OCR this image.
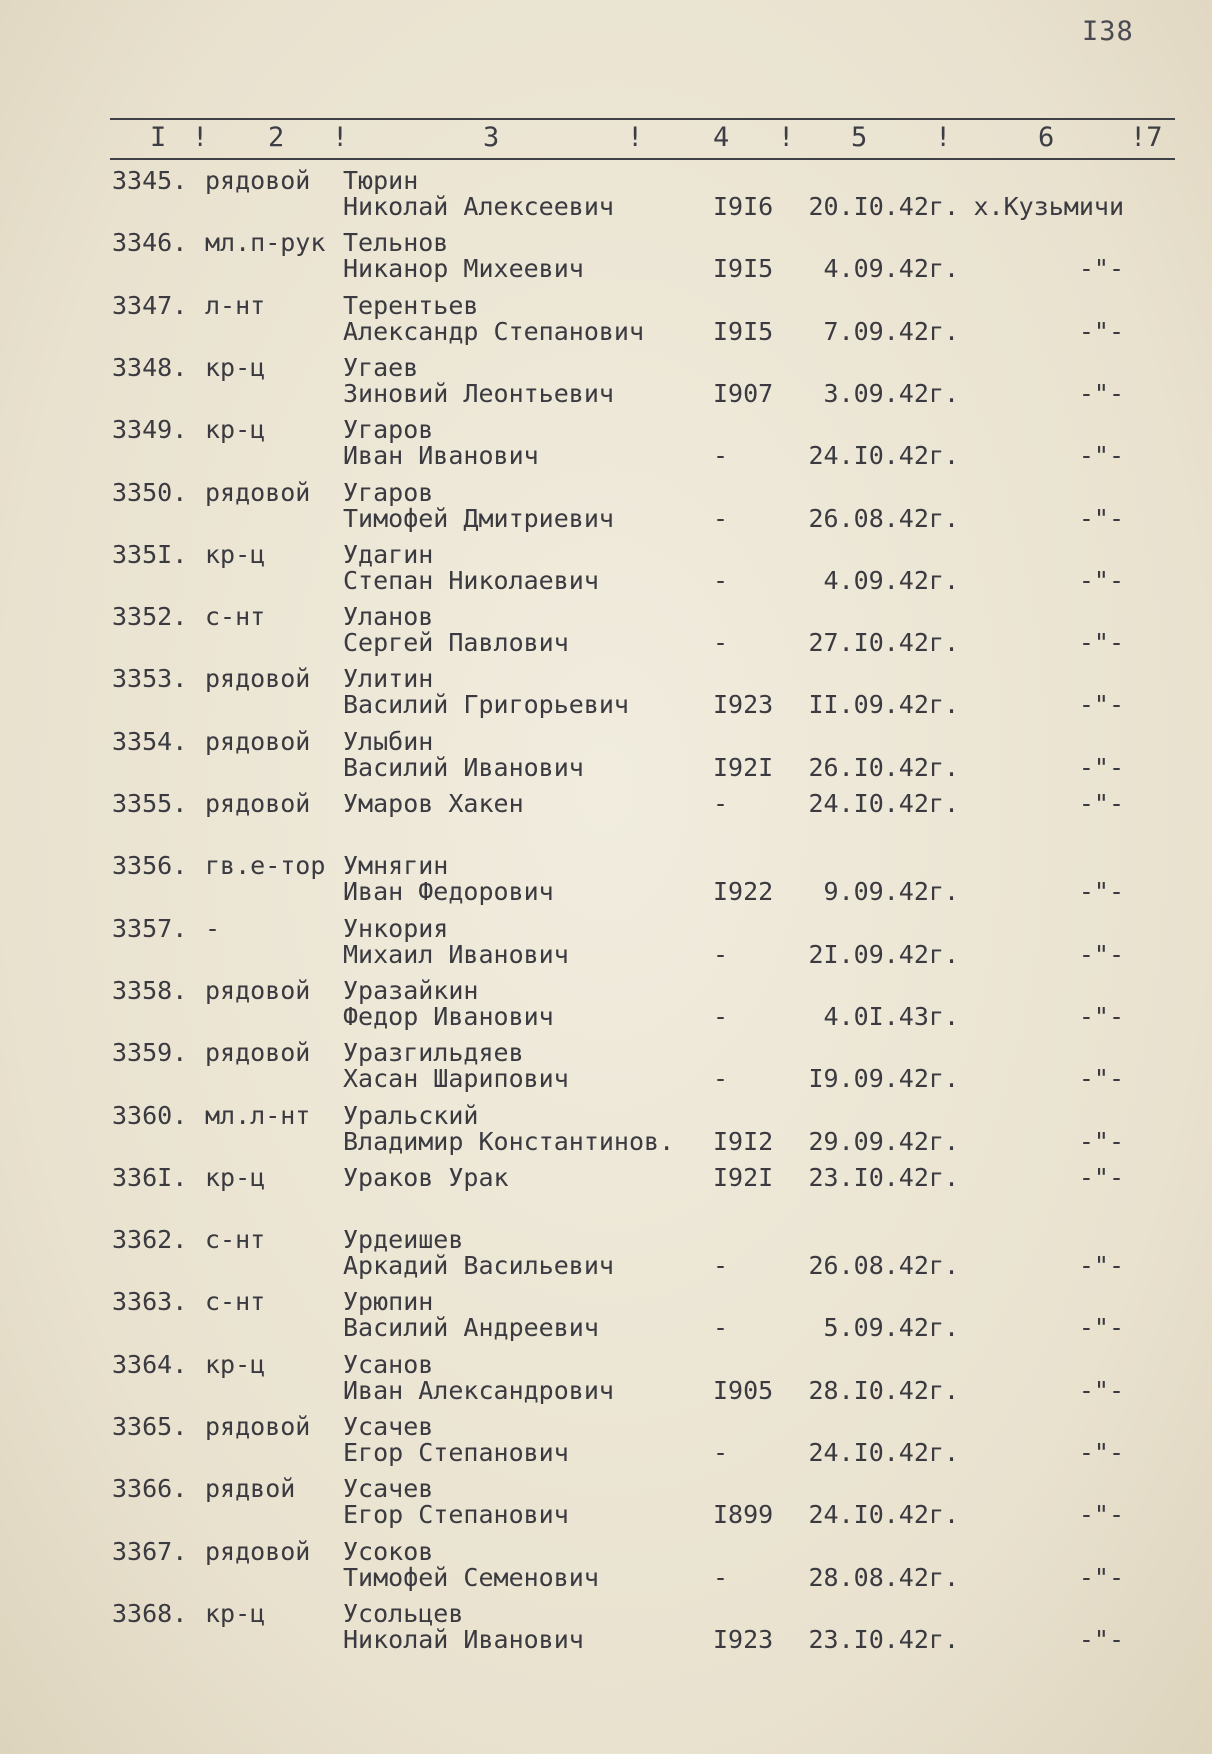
I38
I ! 2 !	3	!	4 ! 5	!	6	!7
3345. рядовой Тюрин
Николай Алексеевич	I9I6 20.I0.42г. х.Кузьмичи
3346. мл.п-рук Тельнов
Никанор Михеевич	I9I5 4.09.42г.	-"-
3347. л-нт	Терентьев
Александр Степанович	I9I5 7.09.42г.	-"-
3348. кр-ц	Угаев
Зиновий Леонтьевич	I907 3.09.42г.	-"-
3349. кр-ц	Угаров
Иван Иванович	-	24.I0.42г.	-"-
3350. рядовой Угаров
Тимофей Дмитриевич	-	26.08.42г.	-"-
335I. кр-ц	Удагин
Степан Николаевич	-	4.09.42г.	-"-
3352. с-нт	Уланов
Сергей Павлович	-	27.I0.42г.	-"-
3353. рядовой Улитин
Василий Григорьевич	I923 II.09.42г.	-"-
3354. рядовой Улыбин
Василий Иванович	I92I 26.I0.42г.	-"-
3355. рядовой Умаров Хакен	-	24.I0.42г.	-"-
3356. гв.е-тор Умнягин
Иван Федорович	I922 9.09.42г.	-"-
3357. -	Ункория
Михаил Иванович	-	2I.09.42г.	-"-
3358. рядовой Уразайкин
Федор Иванович	-	4.0I.43г.	-"-
3359. рядовой Уразгильдяев
Хасан Шарипович	-	I9.09.42г.	-"-
3360. мл.л-нт Уральский
Владимир Константинов. I9I2 29.09.42г.	-"-
336I. кр-ц	Ураков Урак	I92I 23.I0.42г.	-"-
3362. с-нт	Урдеишев
Аркадий Васильевич	-	26.08.42г.	-"-
3363. с-нт	Урюпин
Василий Андреевич	-	5.09.42г.	-"-
3364. кр-ц	Усанов
Иван Александрович	I905 28.I0.42г.	-"-
3365. рядовой Усачев
Егор Степанович	-	24.I0.42г.	-"-
3366. рядвой Усачев
Егор Степанович	I899 24.I0.42г.	-"-
3367. рядовой Усоков
Тимофей Семенович	-	28.08.42г.	-"-
3368. кр-ц	Усольцев
Николай Иванович	I923 23.I0.42г.	-"-
